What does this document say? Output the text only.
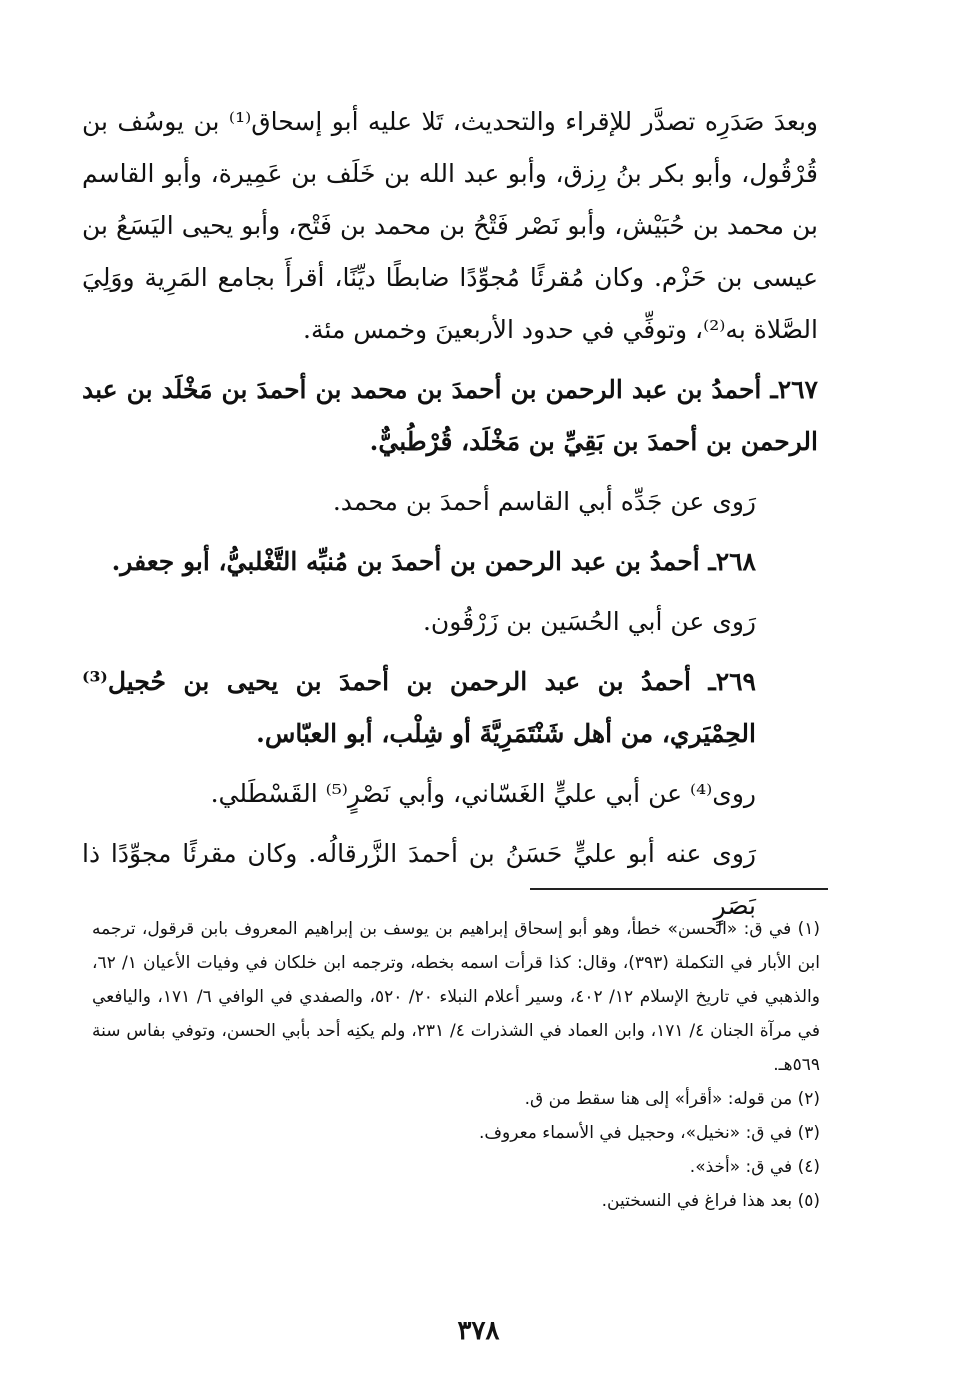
وبعدَ صَدَرِه تصدَّر للإقراء والتحديث، تَلا عليه أبو إسحاق⁽¹⁾ بن يوسُف بن قُرْقُول، وأبو بكر بنُ رِزق، وأبو عبد الله بن خَلَف بن عَمِيرة، وأبو القاسم بن محمد بن حُبَيْش، وأبو نَصْر فَتْحُ بن محمد بن فَتْح، وأبو يحيى اليَسَعُ بن عيسى بن حَزْم. وكان مُقرئًا مُجوِّدًا ضابطًا ديِّنًا، أقرأَ بجامع المَرِية ووَلِيَ الصَّلاة به⁽²⁾، وتوفِّي في حدود الأربعينَ وخمس مئة.

٢٦٧ـ أحمدُ بن عبد الرحمن بن أحمدَ بن محمد بن أحمدَ بن مَخْلَد بن عبد الرحمن بن أحمدَ بن بَقِيِّ بن مَخْلَد، قُرْطُبيٌّ.

رَوى عن جَدِّه أبي القاسم أحمدَ بن محمد.

٢٦٨ـ أحمدُ بن عبد الرحمن بن أحمدَ بن مُنبِّه التَّغْلبيُّ، أبو جعفر.

رَوى عن أبي الحُسَين بن زَرْقُون.

٢٦٩ـ أحمدُ بن عبد الرحمن بن أحمدَ بن يحيى بن حُجيل⁽³⁾ الحِمْيَري، من أهل شَنْتَمَرِيَّةَ أو شِلْب، أبو العبّاس.

روى⁽⁴⁾ عن أبي عليٍّ الغَسّاني، وأبي نَصْرٍ⁽⁵⁾ القَسْطَلي.

رَوى عنه أبو عليٍّ حَسَنُ بن أحمدَ الزَّرقالُه. وكان مقرئًا مجوِّدًا ذا بَصَرٍ

(١) في ق: «الحسن» خطأ، وهو أبو إسحاق إبراهيم بن يوسف بن إبراهيم المعروف بابن قرقول، ترجمه ابن الأبار في التكملة (٣٩٣)، وقال: كذا قرأت اسمه بخطه، وترجمه ابن خلكان في وفيات الأعيان ١/ ٦٢، والذهبي في تاريخ الإسلام ١٢/ ٤٠٢، وسير أعلام النبلاء ٢٠/ ٥٢٠، والصفدي في الوافي ٦/ ١٧١، واليافعي في مرآة الجنان ٤/ ١٧١، وابن العماد في الشذرات ٤/ ٢٣١، ولم يكنِه أحد بأبي الحسن، وتوفي بفاس سنة ٥٦٩هـ.

(٢) من قوله: «أقرأ» إلى هنا سقط من ق.

(٣) في ق: «نخيل»، وحجيل في الأسماء معروف.

(٤) في ق: «أخذ».

(٥) بعد هذا فراغ في النسختين.

٣٧٨
